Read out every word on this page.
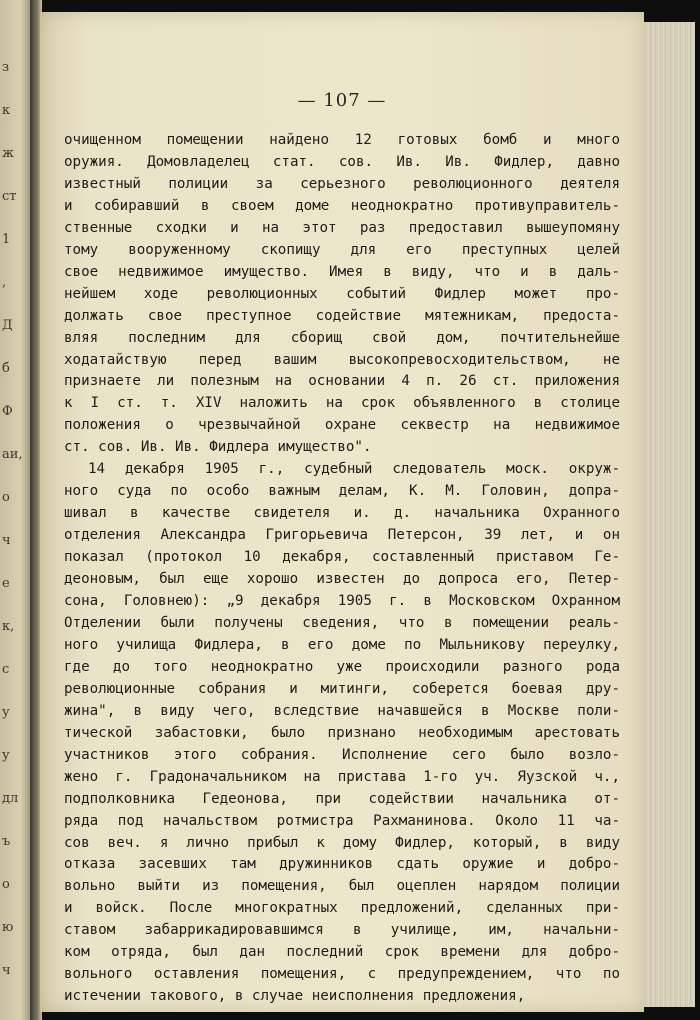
з
к
ж
ст
1
,
Д
б
Ф
аи,
о
ч
е
к,
с
у
у
дл
ъ
о
ю
ч
— 107 —
очищенном помещении найдено 12 готовых бомб и много
оружия. Домовладелец стат. сов. Ив. Ив. Фидлер, давно
известный полиции за серьезного революционного деятеля
и собиравший в своем доме неоднократно противуправитель-
ственные сходки и на этот раз предоставил вышеупомяну
тому вооруженному скопищу для его преступных целей
свое недвижимое имущество. Имея в виду, что и в даль-
нейшем ходе революционных событий Фидлер может про-
должать свое преступное содействие мятежникам, предоста-
вляя последним для сборищ свой дом, почтительнейше
ходатайствую перед вашим высокопревосходительством, не
признаете ли полезным на основании 4 п. 26 ст. приложения
к I ст. т. XIV наложить на срок объявленного в столице
положения о чрезвычайной охране секвестр на недвижимое
ст. сов. Ив. Ив. Фидлера имущество".
14 декабря 1905 г., судебный следователь моск. окруж-
ного суда по особо важным делам, К. М. Головин, допра-
шивал в качестве свидетеля и. д. начальника Охранного
отделения Александра Григорьевича Петерсон, 39 лет, и он
показал (протокол 10 декабря, составленный приставом Ге-
деоновым, был еще хорошо известен до допроса его, Петер-
сона, Головнею): „9 декабря 1905 г. в Московском Охранном
Отделении были получены сведения, что в помещении реаль-
ного училища Фидлера, в его доме по Мыльникову переулку,
где до того неоднократно уже происходили разного рода
революционные собрания и митинги, соберется боевая дру-
жина", в виду чего, вследствие начавшейся в Москве поли-
тической забастовки, было признано необходимым арестовать
участников этого собрания. Исполнение сего было возло-
жено г. Градоначальником на пристава 1-го уч. Яузской ч.,
подполковника Гедеонова, при содействии начальника от-
ряда под начальством ротмистра Рахманинова. Около 11 ча-
сов веч. я лично прибыл к дому Фидлер, который, в виду
отказа засевших там дружинников сдать оружие и добро-
вольно выйти из помещения, был оцеплен нарядом полиции
и войск. После многократных предложений, сделанных при-
ставом забаррикадировавшимся в училище, им, начальни-
ком отряда, был дан последний срок времени для добро-
вольного оставления помещения, с предупреждением, что по
истечении такового, в случае неисполнения предложения,
